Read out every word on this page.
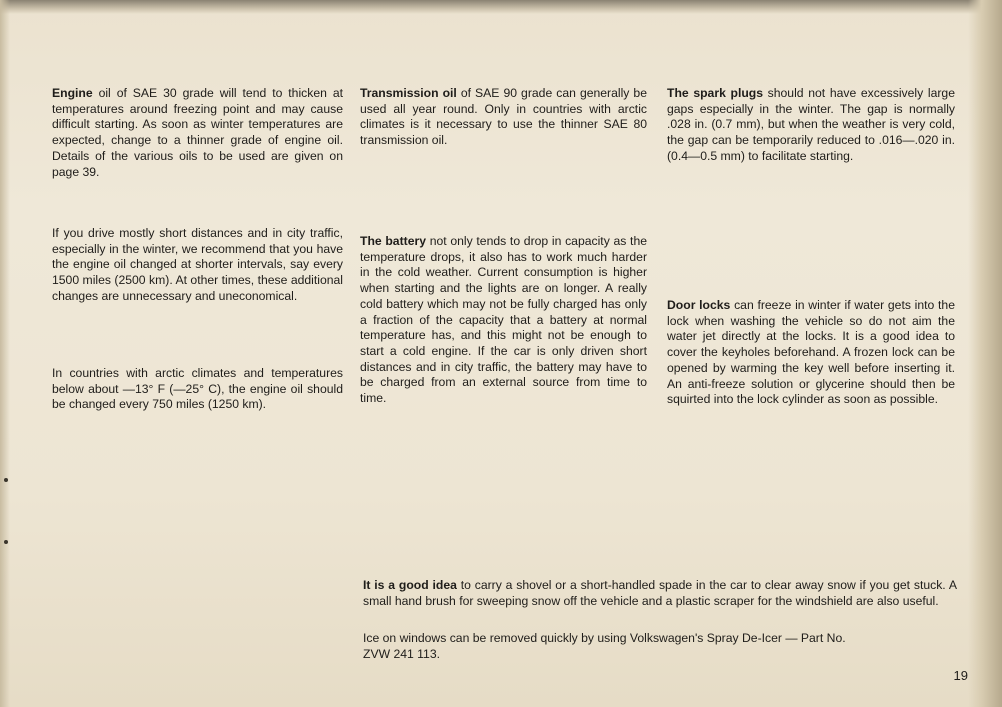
Engine oil of SAE 30 grade will tend to thicken at temperatures around freezing point and may cause difficult starting. As soon as winter temperatures are expected, change to a thinner grade of engine oil. Details of the various oils to be used are given on page 39.

If you drive mostly short distances and in city traffic, especially in the winter, we recommend that you have the engine oil changed at shorter intervals, say every 1500 miles (2500 km). At other times, these additional changes are unnecessary and uneconomical.

In countries with arctic climates and temperatures below about —13° F (—25° C), the engine oil should be changed every 750 miles (1250 km).

Transmission oil of SAE 90 grade can generally be used all year round. Only in countries with arctic climates is it necessary to use the thinner SAE 80 transmission oil.

The battery not only tends to drop in capacity as the temperature drops, it also has to work much harder in the cold weather. Current consumption is higher when starting and the lights are on longer. A really cold battery which may not be fully charged has only a fraction of the capacity that a battery at normal temperature has, and this might not be enough to start a cold engine. If the car is only driven short distances and in city traffic, the battery may have to be charged from an external source from time to time.

The spark plugs should not have excessively large gaps especially in the winter. The gap is normally .028 in. (0.7 mm), but when the weather is very cold, the gap can be temporarily reduced to .016—.020 in. (0.4—0.5 mm) to facilitate starting.

Door locks can freeze in winter if water gets into the lock when washing the vehicle so do not aim the water jet directly at the locks. It is a good idea to cover the keyholes beforehand. A frozen lock can be opened by warming the key well before inserting it. An anti-freeze solution or glycerine should then be squirted into the lock cylinder as soon as possible.

It is a good idea to carry a shovel or a short-handled spade in the car to clear away snow if you get stuck. A small hand brush for sweeping snow off the vehicle and a plastic scraper for the windshield are also useful.

Ice on windows can be removed quickly by using Volkswagen's Spray De-Icer — Part No. ZVW 241 113.

19
